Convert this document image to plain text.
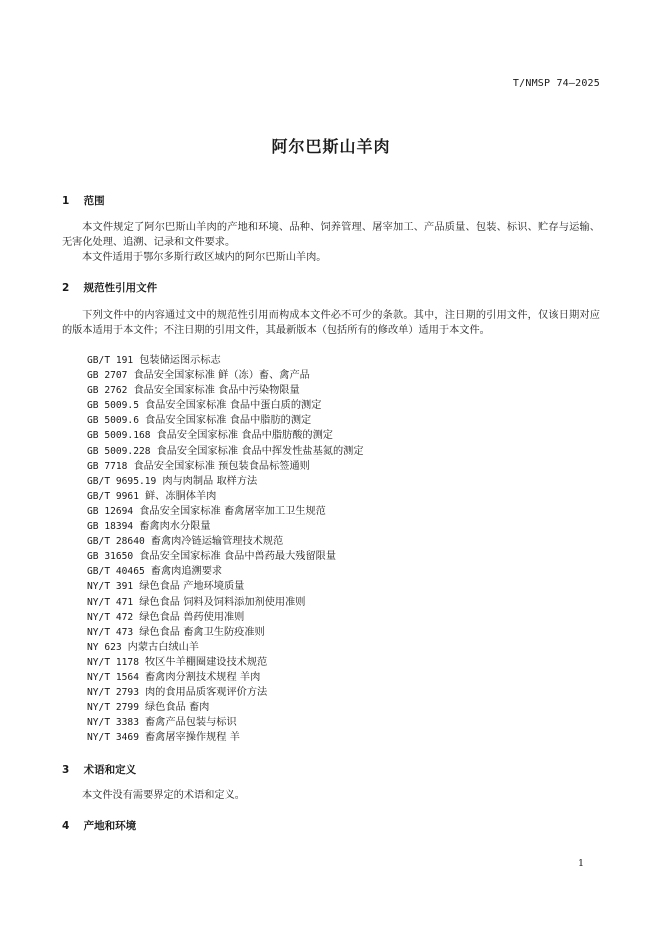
T/NMSP 74—2025
阿尔巴斯山羊肉
1 范围
本文件规定了阿尔巴斯山羊肉的产地和环境、品种、饲养管理、屠宰加工、产品质量、包装、标识、贮存与运输、无害化处理、追溯、记录和文件要求。
本文件适用于鄂尔多斯行政区域内的阿尔巴斯山羊肉。
2 规范性引用文件
下列文件中的内容通过文中的规范性引用而构成本文件必不可少的条款。其中，注日期的引用文件，仅该日期对应的版本适用于本文件；不注日期的引用文件，其最新版本（包括所有的修改单）适用于本文件。
GB/T 191 包装储运图示标志
GB 2707 食品安全国家标准 鲜（冻）畜、禽产品
GB 2762 食品安全国家标准 食品中污染物限量
GB 5009.5 食品安全国家标准 食品中蛋白质的测定
GB 5009.6 食品安全国家标准 食品中脂肪的测定
GB 5009.168 食品安全国家标准 食品中脂肪酸的测定
GB 5009.228 食品安全国家标准 食品中挥发性盐基氮的测定
GB 7718 食品安全国家标准 预包装食品标签通则
GB/T 9695.19 肉与肉制品 取样方法
GB/T 9961 鲜、冻胴体羊肉
GB 12694 食品安全国家标准 畜禽屠宰加工卫生规范
GB 18394 畜禽肉水分限量
GB/T 28640 畜禽肉冷链运输管理技术规范
GB 31650 食品安全国家标准 食品中兽药最大残留限量
GB/T 40465 畜禽肉追溯要求
NY/T 391 绿色食品 产地环境质量
NY/T 471 绿色食品 饲料及饲料添加剂使用准则
NY/T 472 绿色食品 兽药使用准则
NY/T 473 绿色食品 畜禽卫生防疫准则
NY 623 内蒙古白绒山羊
NY/T 1178 牧区牛羊棚圈建设技术规范
NY/T 1564 畜禽肉分割技术规程 羊肉
NY/T 2793 肉的食用品质客观评价方法
NY/T 2799 绿色食品 畜肉
NY/T 3383 畜禽产品包装与标识
NY/T 3469 畜禽屠宰操作规程 羊
3 术语和定义
本文件没有需要界定的术语和定义。
4 产地和环境
1
